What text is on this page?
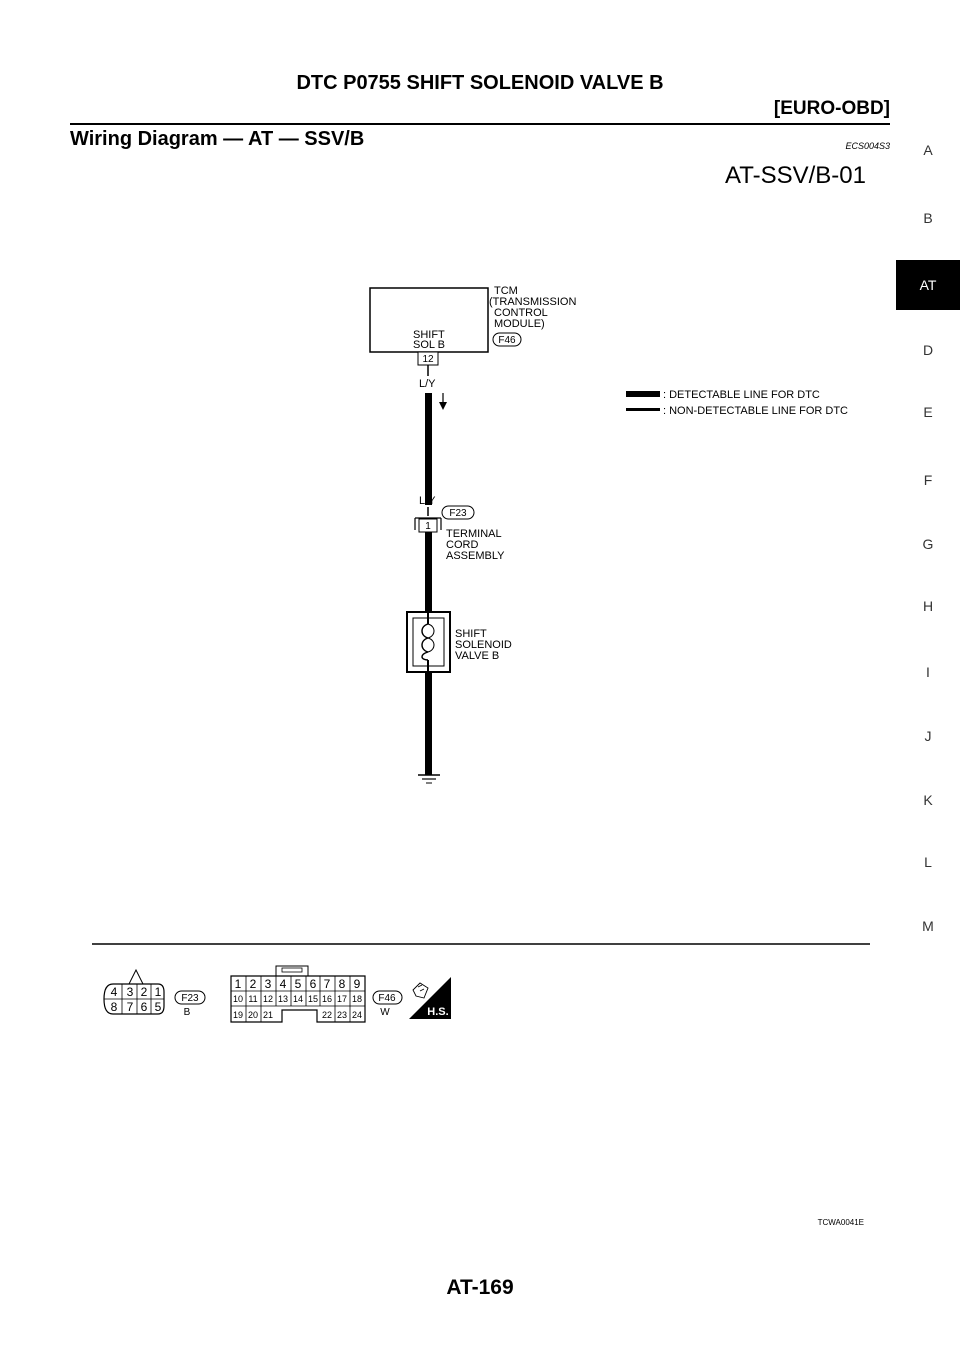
DTC P0755 SHIFT SOLENOID VALVE B
[EURO-OBD]
Wiring Diagram — AT — SSV/B	ECS004S3
AT-SSV/B-01
A
B
AT
D
E
F
G
H
I
J
K
L
M
SHIFT
SOL B
TCM
(TRANSMISSION
CONTROL
MODULE)
F46
12
L/Y
: DETECTABLE LINE FOR DTC
: NON-DETECTABLE LINE FOR DTC
L/Y
F23
1
TERMINAL
CORD
ASSEMBLY
SHIFT
SOLENOID
VALVE B
4 3 2 1
8 7 6 5
F23
B
1 2 3 4 5 6 7 8 9
10 11 12 13 14 15 16 17 18
19 20 21	22 23 24
F46
W	H.S.
TCWA0041E
AT-169
